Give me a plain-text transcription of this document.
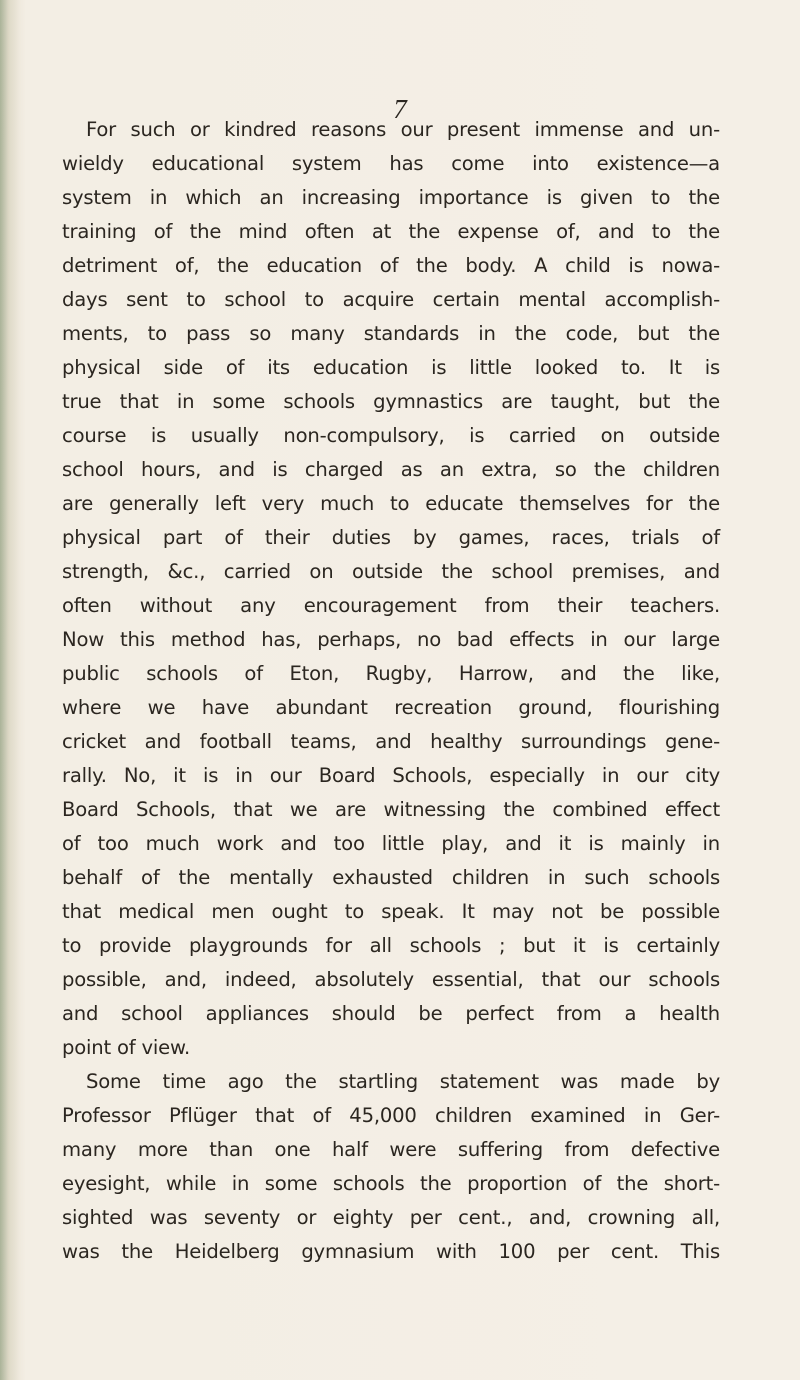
7
For such or kindred reasons our present immense and un-
wieldy educational system has come into existence—a
system in which an increasing importance is given to the
training of the mind often at the expense of, and to the
detriment of, the education of the body. A child is nowa-
days sent to school to acquire certain mental accomplish-
ments, to pass so many standards in the code, but the
physical side of its education is little looked to. It is
true that in some schools gymnastics are taught, but the
course is usually non-compulsory, is carried on outside
school hours, and is charged as an extra, so the children
are generally left very much to educate themselves for the
physical part of their duties by games, races, trials of
strength, &c., carried on outside the school premises, and
often without any encouragement from their teachers.
Now this method has, perhaps, no bad effects in our large
public schools of Eton, Rugby, Harrow, and the like,
where we have abundant recreation ground, flourishing
cricket and football teams, and healthy surroundings gene-
rally. No, it is in our Board Schools, especially in our city
Board Schools, that we are witnessing the combined effect
of too much work and too little play, and it is mainly in
behalf of the mentally exhausted children in such schools
that medical men ought to speak. It may not be possible
to provide playgrounds for all schools ; but it is certainly
possible, and, indeed, absolutely essential, that our schools
and school appliances should be perfect from a health
point of view.
Some time ago the startling statement was made by
Professor Pflüger that of 45,000 children examined in Ger-
many more than one half were suffering from defective
eyesight, while in some schools the proportion of the short-
sighted was seventy or eighty per cent., and, crowning all,
was the Heidelberg gymnasium with 100 per cent. This
